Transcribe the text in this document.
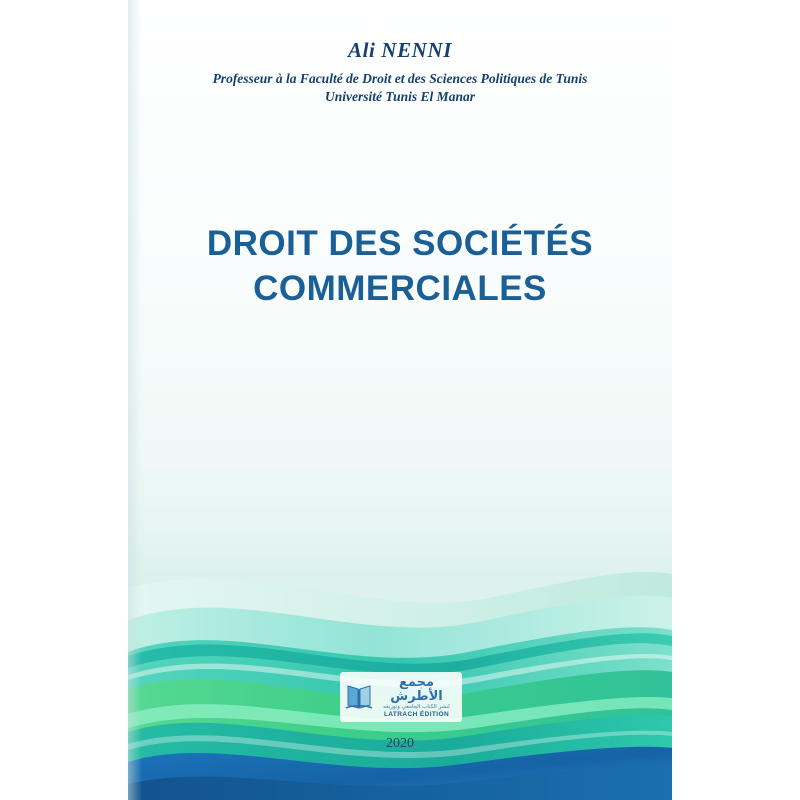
Ali NENNI
Professeur à la Faculté de Droit et des Sciences Politiques de Tunis
Université Tunis El Manar
DROIT DES SOCIÉTÉS
COMMERCIALES
مجمع الأطرش
لنشر الكتاب الجامعي وتوزيعه
LATRACH ÉDITION
2020
